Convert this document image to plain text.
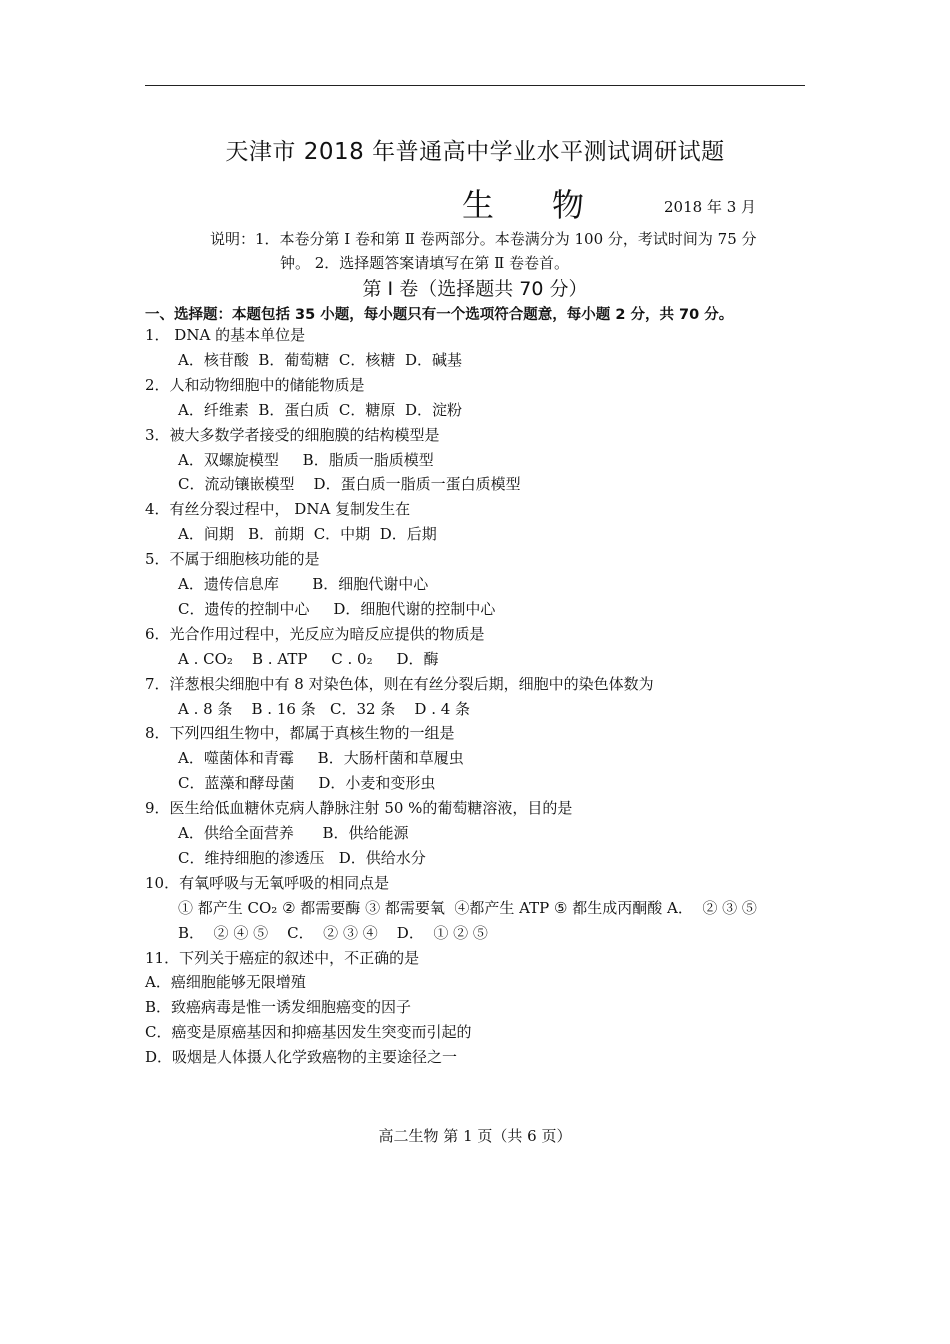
天津市 2018 年普通高中学业水平测试调研试题
生物 2018 年 3 月
说明：1．本卷分第 Ⅰ 卷和第 Ⅱ 卷两部分。本卷满分为 100 分，考试时间为 75 分
钟。 2．选择题答案请填写在第 Ⅱ 卷卷首。
第 Ⅰ 卷（选择题共 70 分）
一、选择题：本题包括 35 小题，每小题只有一个选项符合题意，每小题 2 分，共 70 分。
1． DNA 的基本单位是
A．核苷酸  B．葡萄糖  C．核糖  D．碱基
2．人和动物细胞中的储能物质是
A．纤维素  B．蛋白质  C．糖原  D．淀粉
3．被大多数学者接受的细胞膜的结构模型是
A．双螺旋模型     B．脂质一脂质模型
C．流动镶嵌模型    D．蛋白质一脂质一蛋白质模型
4．有丝分裂过程中， DNA 复制发生在
A．间期   B．前期  C．中期  D．后期
5．不属于细胞核功能的是
A．遗传信息库       B．细胞代谢中心
C．遗传的控制中心     D．细胞代谢的控制中心
6．光合作用过程中，光反应为暗反应提供的物质是
A . CO₂    B . ATP     C . 0₂     D．酶
7．洋葱根尖细胞中有 8 对染色体，则在有丝分裂后期，细胞中的染色体数为
A . 8 条    B . 16 条   C．32 条    D . 4 条
8．下列四组生物中，都属于真核生物的一组是
A．噬菌体和青霉     B．大肠杆菌和草履虫
C．蓝藻和酵母菌     D．小麦和变形虫
9．医生给低血糖休克病人静脉注射 50 %的葡萄糖溶液，目的是
A．供给全面营养      B．供给能源
C．维持细胞的渗透压   D．供给水分
10．有氧呼吸与无氧呼吸的相同点是
① 都产生 CO₂ ② 都需要酶 ③ 都需要氧  ④都产生 ATP ⑤ 都生成丙酮酸 A．  ② ③ ⑤
B．  ② ④ ⑤    C．  ② ③ ④    D．  ① ② ⑤
11．下列关于癌症的叙述中，不正确的是
A．癌细胞能够无限增殖
B．致癌病毒是惟一诱发细胞癌变的因子
C．癌变是原癌基因和抑癌基因发生突变而引起的
D．吸烟是人体摄人化学致癌物的主要途径之一
高二生物 第 1 页（共 6 页）
